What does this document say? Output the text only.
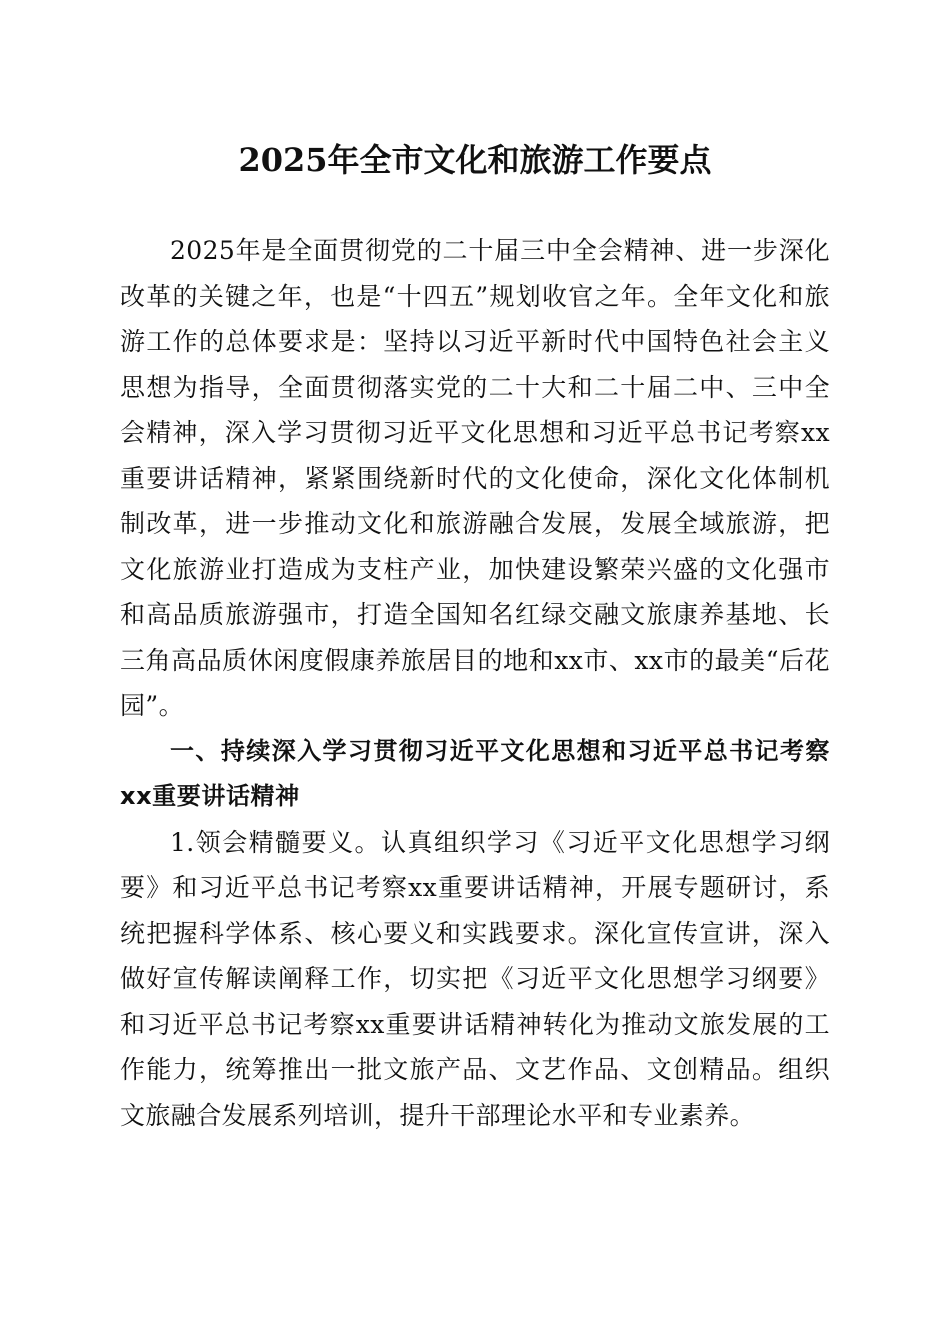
2025年全市文化和旅游工作要点

2025年是全面贯彻党的二十届三中全会精神、进一步深化改革的关键之年，也是“十四五”规划收官之年。全年文化和旅游工作的总体要求是：坚持以习近平新时代中国特色社会主义思想为指导，全面贯彻落实党的二十大和二十届二中、三中全会精神，深入学习贯彻习近平文化思想和习近平总书记考察xx重要讲话精神，紧紧围绕新时代的文化使命，深化文化体制机制改革，进一步推动文化和旅游融合发展，发展全域旅游，把文化旅游业打造成为支柱产业，加快建设繁荣兴盛的文化强市和高品质旅游强市，打造全国知名红绿交融文旅康养基地、长三角高品质休闲度假康养旅居目的地和xx市、xx市的最美“后花园”。

一、持续深入学习贯彻习近平文化思想和习近平总书记考察xx重要讲话精神

1.领会精髓要义。认真组织学习《习近平文化思想学习纲要》和习近平总书记考察xx重要讲话精神，开展专题研讨，系统把握科学体系、核心要义和实践要求。深化宣传宣讲，深入做好宣传解读阐释工作，切实把《习近平文化思想学习纲要》和习近平总书记考察xx重要讲话精神转化为推动文旅发展的工作能力，统筹推出一批文旅产品、文艺作品、文创精品。组织文旅融合发展系列培训，提升干部理论水平和专业素养。
